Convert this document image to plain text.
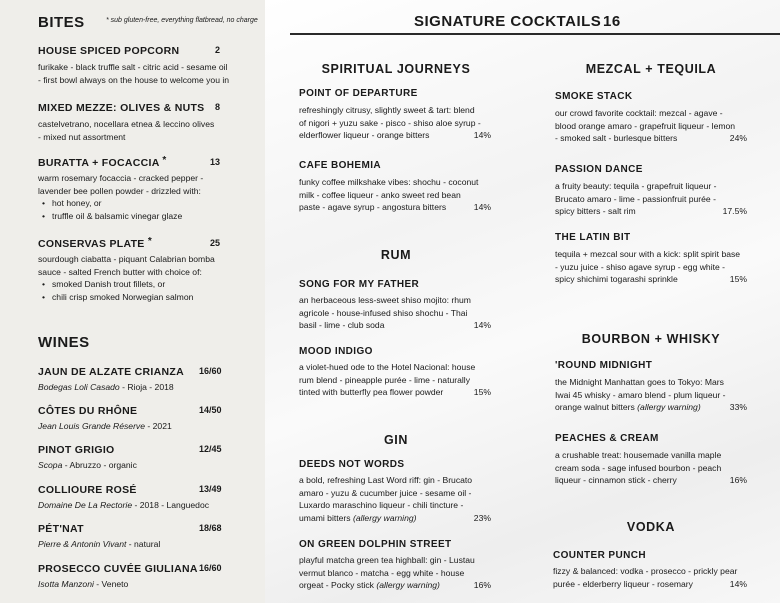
BITES	* sub gluten-free, everything flatbread, no charge
HOUSE SPICED POPCORN	2
furikake - black truffle salt - citric acid - sesame oil
- first bowl always on the house to welcome you in
MIXED MEZZE: OLIVES & NUTS 8
castelvetrano, nocellara etnea & leccino olives
- mixed nut assortment
BURATTA + FOCACCIA *	13
warm rosemary focaccia - cracked pepper -
lavender bee pollen powder - drizzled with:
• hot honey, or
• truffle oil & balsamic vinegar glaze
CONSERVAS PLATE *	25
sourdough ciabatta - piquant Calabrian bomba
sauce - salted French butter with choice of:
• smoked Danish trout fillets, or
• chili crisp smoked Norwegian salmon
WINES
JAUN DE ALZATE CRIANZA 16/60
Bodegas Loli Casado - Rioja - 2018
CÔTES DU RHÔNE	14/50
Jean Louis Grande Réserve - 2021
PINOT GRIGIO	12/45
Scopa - Abruzzo - organic
COLLIOURE ROSÉ	13/49
Domaine De La Rectorie - 2018 - Languedoc
PÉT'NAT	18/68
Pierre & Antonin Vivant - natural
PROSECCO CUVÉE GIULIANA 16/60
Isotta Manzoni - Veneto
SIGNATURE COCKTAILS 16
SPIRITUAL JOURNEYS
POINT OF DEPARTURE
refreshingly citrusy, slightly sweet & tart: blend
of nigori + yuzu sake - pisco - shiso aloe syrup -
elderflower liqueur - orange bitters	14%
CAFE BOHEMIA
funky coffee milkshake vibes: shochu - coconut
milk - coffee liqueur - anko sweet red bean
paste - agave syrup - angostura bitters	14%
RUM
SONG FOR MY FATHER
an herbaceous less-sweet shiso mojito: rhum
agricole - house-infused shiso shochu - Thai
basil - lime - club soda	14%
MOOD INDIGO
a violet-hued ode to the Hotel Nacional: house
rum blend - pineapple purée - lime - naturally
tinted with butterfly pea flower powder	15%
GIN
DEEDS NOT WORDS
a bold, refreshing Last Word riff: gin - Brucato
amaro - yuzu & cucumber juice - sesame oil -
Luxardo maraschino liqueur - chili tincture -
umami bitters (allergy warning)	23%
ON GREEN DOLPHIN STREET
playful matcha green tea highball: gin - Lustau
vermut blanco - matcha - egg white - house
orgeat - Pocky stick (allergy warning)	16%
MEZCAL + TEQUILA
SMOKE STACK
our crowd favorite cocktail: mezcal - agave -
blood orange amaro - grapefruit liqueur - lemon
- smoked salt - burlesque bitters	24%
PASSION DANCE
a fruity beauty: tequila - grapefruit liqueur -
Brucato amaro - lime - passionfruit purée -
spicy bitters - salt rim	17.5%
THE LATIN BIT
tequila + mezcal sour with a kick: split spirit base
- yuzu juice - shiso agave syrup - egg white -
spicy shichimi togarashi sprinkle	15%
BOURBON + WHISKY
'ROUND MIDNIGHT
the Midnight Manhattan goes to Tokyo: Mars
Iwai 45 whisky - amaro blend - plum liqueur -
orange walnut bitters (allergy warning)	33%
PEACHES & CREAM
a crushable treat: housemade vanilla maple
cream soda - sage infused bourbon - peach
liqueur - cinnamon stick - cherry	16%
VODKA
COUNTER PUNCH
fizzy & balanced: vodka - prosecco - prickly pear
purée - elderberry liqueur - rosemary	14%
